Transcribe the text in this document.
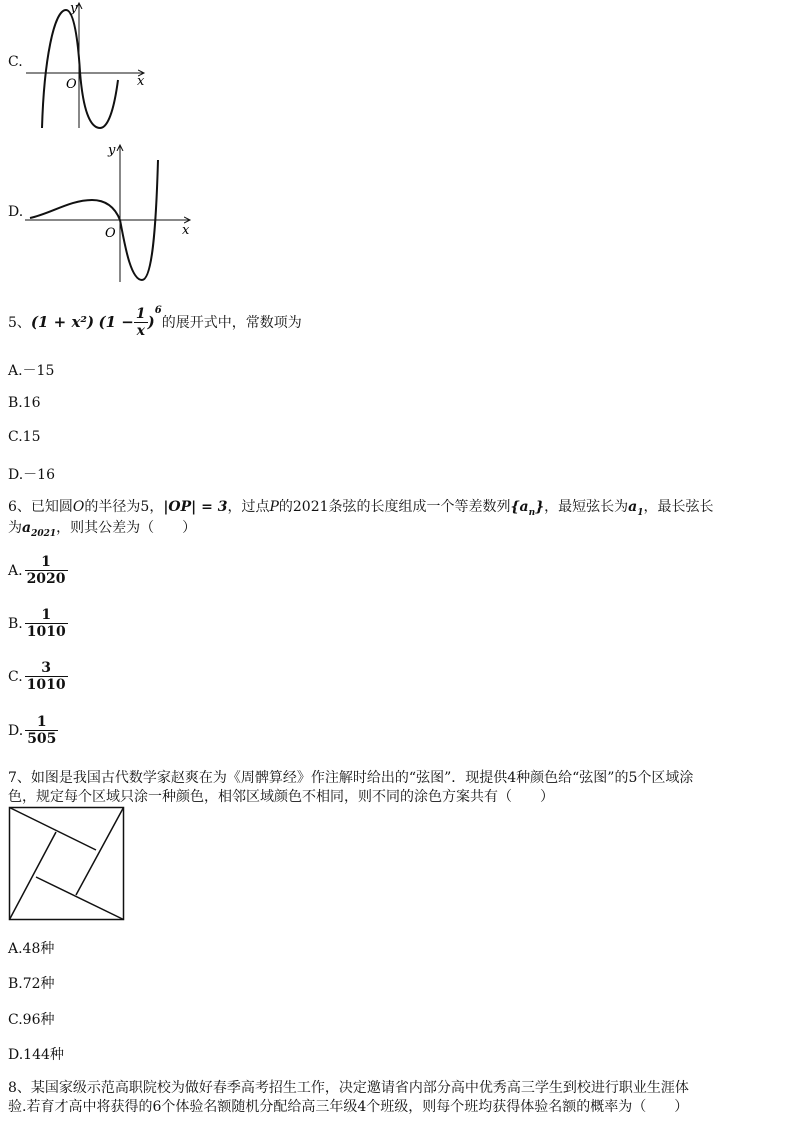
C.
y
x
O
D.
y
x
O
5、(1 + x²) $(1 - \frac{1}{x} )^6$的展开式中，常数项为
A.－15
B.16
C.15
D.－16
6、已知圆O的半径为5，|OP| = 3，过点P的2021条弦的长度组成一个等差数列$\{a_n\}$，最短弦长为$a_1$，最长弦长
为$a_{2021}$，则其公差为（　　）
A. $\frac{1}{2020}$
B. $\frac{1}{1010}$
C. $\frac{3}{1010}$
D. $\frac{1}{505}$
7、如图是我国古代数学家赵爽在为《周髀算经》作注解时给出的“弦图”．现提供4种颜色给“弦图”的5个区域涂
色，规定每个区域只涂一种颜色，相邻区域颜色不相同，则不同的涂色方案共有（　　）
A.48种
B.72种
C.96种
D.144种
8、某国家级示范高职院校为做好春季高考招生工作，决定邀请省内部分高中优秀高三学生到校进行职业生涯体
验.若育才高中将获得的6个体验名额随机分配给高三年级4个班级，则每个班均获得体验名额的概率为（　　）
